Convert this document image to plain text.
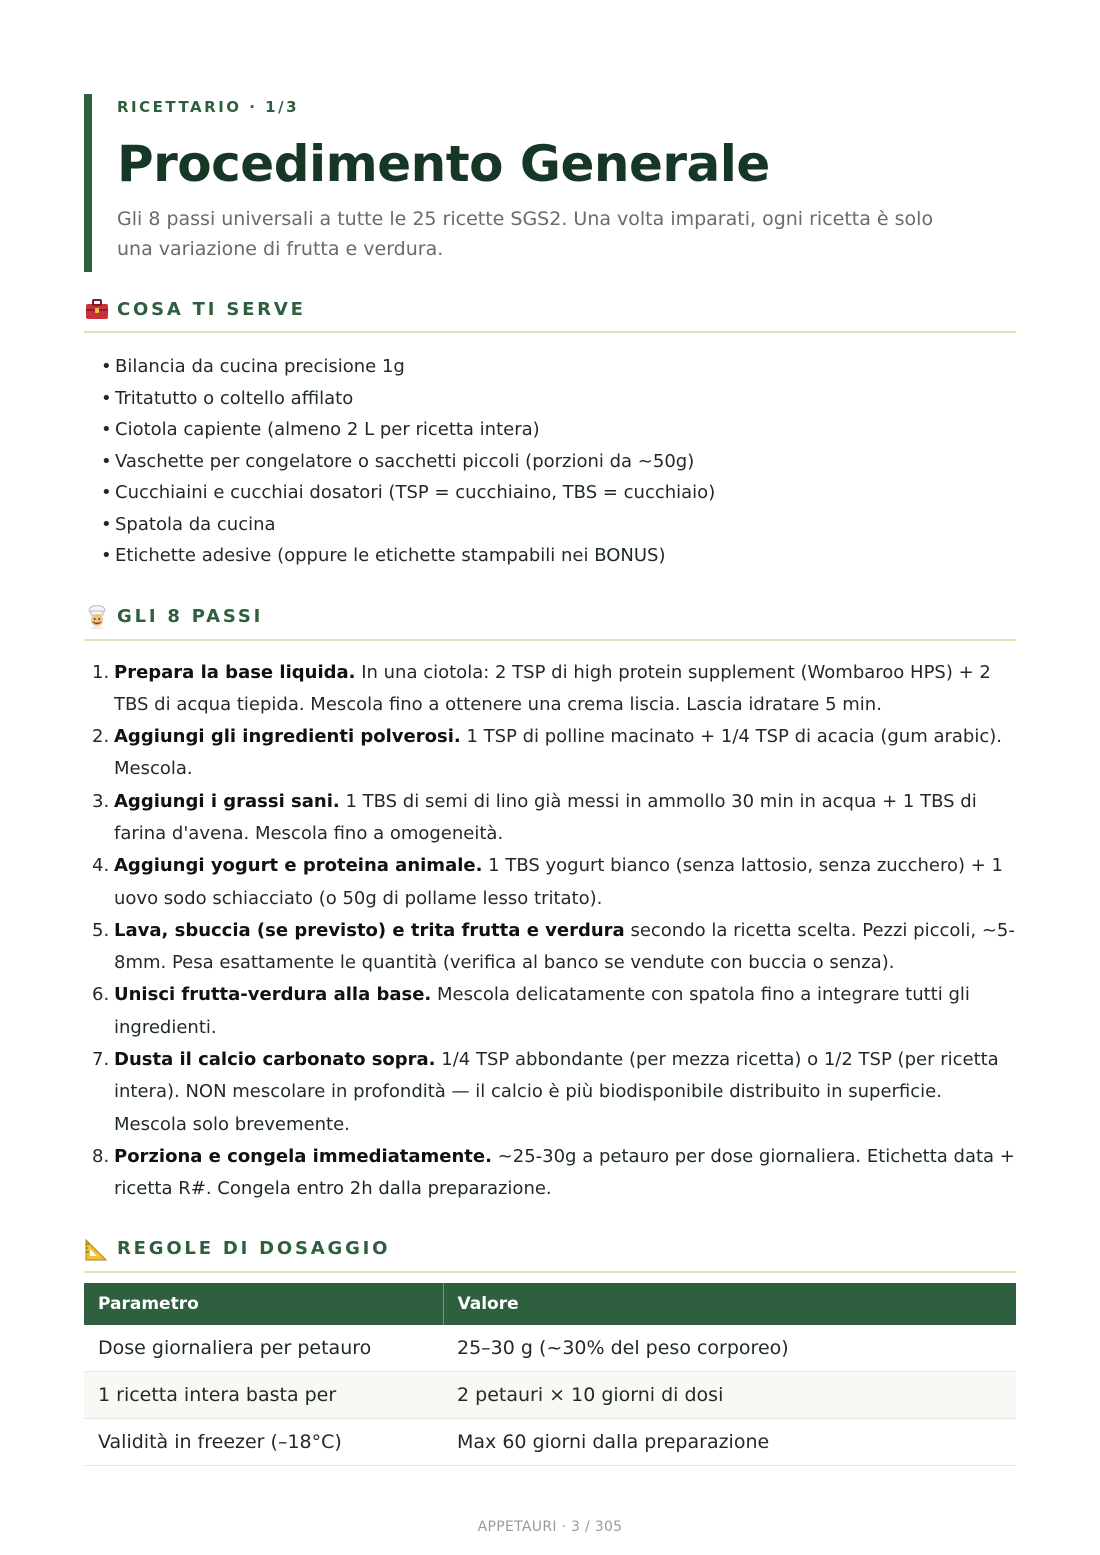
RICETTARIO · 1/3
Procedimento Generale
Gli 8 passi universali a tutte le 25 ricette SGS2. Una volta imparati, ogni ricetta è solo una variazione di frutta e verdura.
COSA TI SERVE
• Bilancia da cucina precisione 1g
• Tritatutto o coltello affilato
• Ciotola capiente (almeno 2 L per ricetta intera)
• Vaschette per congelatore o sacchetti piccoli (porzioni da ~50g)
• Cucchiaini e cucchiai dosatori (TSP = cucchiaino, TBS = cucchiaio)
• Spatola da cucina
• Etichette adesive (oppure le etichette stampabili nei BONUS)
GLI 8 PASSI
1. Prepara la base liquida. In una ciotola: 2 TSP di high protein supplement (Wombaroo HPS) + 2 TBS di acqua tiepida. Mescola fino a ottenere una crema liscia. Lascia idratare 5 min.
2. Aggiungi gli ingredienti polverosi. 1 TSP di polline macinato + 1/4 TSP di acacia (gum arabic). Mescola.
3. Aggiungi i grassi sani. 1 TBS di semi di lino già messi in ammollo 30 min in acqua + 1 TBS di farina d'avena. Mescola fino a omogeneità.
4. Aggiungi yogurt e proteina animale. 1 TBS yogurt bianco (senza lattosio, senza zucchero) + 1 uovo sodo schiacciato (o 50g di pollame lesso tritato).
5. Lava, sbuccia (se previsto) e trita frutta e verdura secondo la ricetta scelta. Pezzi piccoli, ~5-8mm. Pesa esattamente le quantità (verifica al banco se vendute con buccia o senza).
6. Unisci frutta-verdura alla base. Mescola delicatamente con spatola fino a integrare tutti gli ingredienti.
7. Dusta il calcio carbonato sopra. 1/4 TSP abbondante (per mezza ricetta) o 1/2 TSP (per ricetta intera). NON mescolare in profondità — il calcio è più biodisponibile distribuito in superficie. Mescola solo brevemente.
8. Porziona e congela immediatamente. ~25-30g a petauro per dose giornaliera. Etichetta data + ricetta R#. Congela entro 2h dalla preparazione.
REGOLE DI DOSAGGIO
Parametro	Valore
Dose giornaliera per petauro	25–30 g (~30% del peso corporeo)
1 ricetta intera basta per	2 petauri × 10 giorni di dosi
Validità in freezer (–18°C)	Max 60 giorni dalla preparazione
APPETAURI · 3 / 305
